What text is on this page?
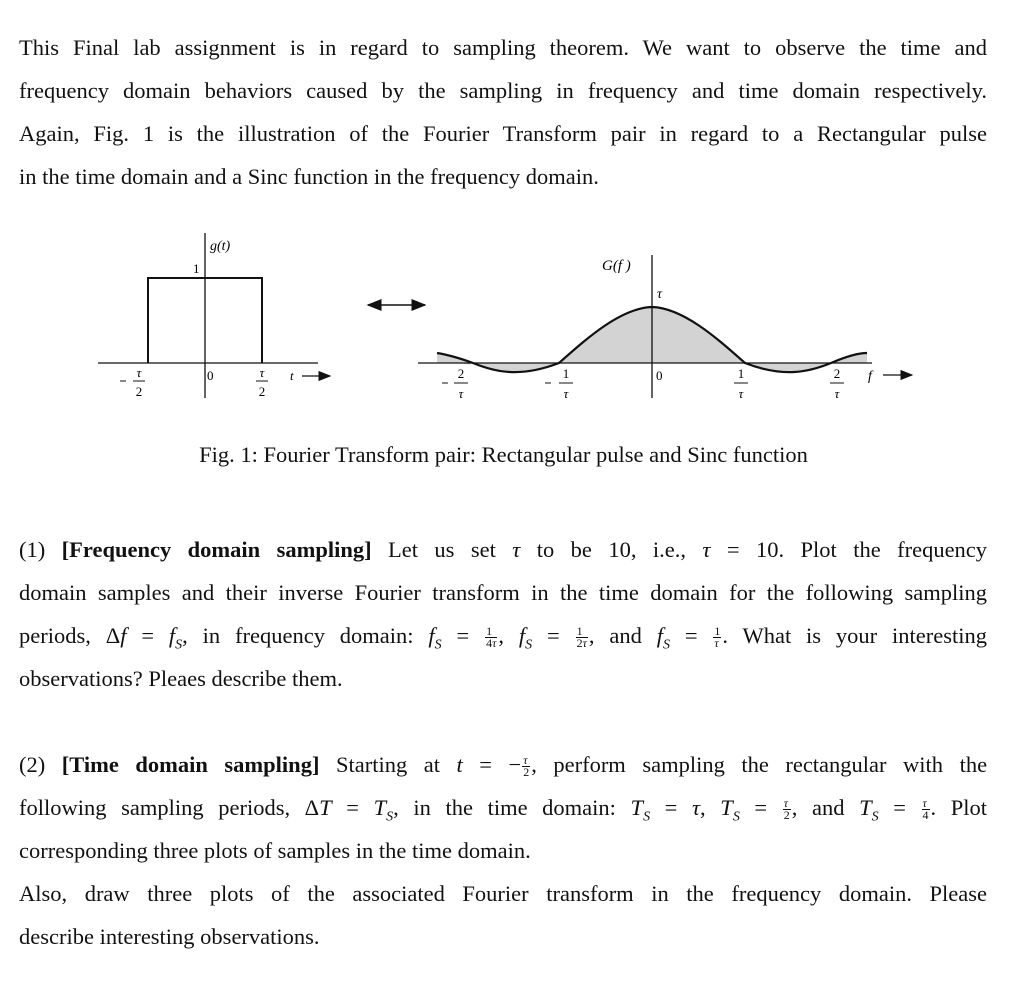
This Final lab assignment is in regard to sampling theorem. We want to observe the time and
frequency domain behaviors caused by the sampling in frequency and time domain respectively.
Again, Fig. 1 is the illustration of the Fourier Transform pair in regard to a Rectangular pulse
in the time domain and a Sinc function in the frequency domain.
g(t)
1
0
τ
2
τ
2
t
G(f )
τ
0
2
τ
1
τ
1
τ
2
τ
f
Fig. 1: Fourier Transform pair: Rectangular pulse and Sinc function
(1) [Frequency domain sampling] Let us set τ to be 10, i.e., τ = 10. Plot the frequency
domain samples and their inverse Fourier transform in the time domain for the following sampling
periods, $\Delta f = f_S$, in frequency domain: $f_S = \frac{1}{4\tau}$ , $f_S = \frac{1}{2\tau}$ , and $f_S = \frac{1}{\tau}$ . What is your interesting
observations? Pleaes describe them.
(2) [Time domain sampling] Starting at t = − $\frac{\tau}{2}$ , perform sampling the rectangular with the
following sampling periods, $\Delta T = T_S$, in the time domain: $T_S = \tau$, $T_S = \frac{\tau}{2}$ , and $T_S = \frac{\tau}{4}$ . Plot
corresponding three plots of samples in the time domain.
Also, draw three plots of the associated Fourier transform in the frequency domain. Please
describe interesting observations.
